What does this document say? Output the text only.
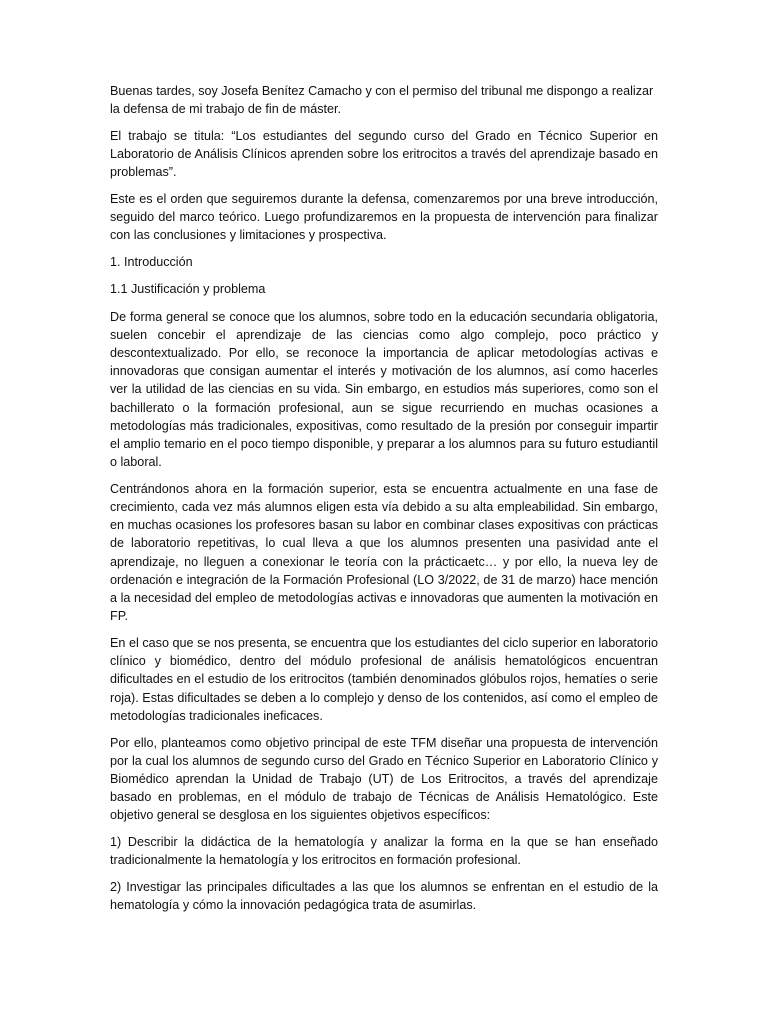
Buenas tardes, soy Josefa Benítez Camacho y con el permiso del tribunal me dispongo a realizar la defensa de mi trabajo de fin de máster.

El trabajo se titula: “Los estudiantes del segundo curso del Grado en Técnico Superior en Laboratorio de Análisis Clínicos aprenden sobre los eritrocitos a través del aprendizaje basado en problemas”.

Este es el orden que seguiremos durante la defensa, comenzaremos por una breve introducción, seguido del marco teórico. Luego profundizaremos en la propuesta de intervención para finalizar con las conclusiones y limitaciones y prospectiva.

1. Introducción

1.1 Justificación y problema

De forma general se conoce que los alumnos, sobre todo en la educación secundaria obligatoria, suelen concebir el aprendizaje de las ciencias como algo complejo, poco práctico y descontextualizado. Por ello, se reconoce la importancia de aplicar metodologías activas e innovadoras que consigan aumentar el interés y motivación de los alumnos, así como hacerles ver la utilidad de las ciencias en su vida. Sin embargo, en estudios más superiores, como son el bachillerato o la formación profesional, aun se sigue recurriendo en muchas ocasiones a metodologías más tradicionales, expositivas, como resultado de la presión por conseguir impartir el amplio temario en el poco tiempo disponible, y preparar a los alumnos para su futuro estudiantil o laboral.

Centrándonos ahora en la formación superior, esta se encuentra actualmente en una fase de crecimiento, cada vez más alumnos eligen esta vía debido a su alta empleabilidad. Sin embargo, en muchas ocasiones los profesores basan su labor en combinar clases expositivas con prácticas de laboratorio repetitivas, lo cual lleva a que los alumnos presenten una pasividad ante el aprendizaje, no lleguen a conexionar le teoría con la prácticaetc… y por ello, la nueva ley de ordenación e integración de la Formación Profesional (LO 3/2022, de 31 de marzo) hace mención a la necesidad del empleo de metodologías activas e innovadoras que aumenten la motivación en FP.

En el caso que se nos presenta, se encuentra que los estudiantes del ciclo superior en laboratorio clínico y biomédico, dentro del módulo profesional de análisis hematológicos encuentran dificultades en el estudio de los eritrocitos (también denominados glóbulos rojos, hematíes o serie roja). Estas dificultades se deben a lo complejo y denso de los contenidos, así como el empleo de metodologías tradicionales ineficaces.

Por ello, planteamos como objetivo principal de este TFM diseñar una propuesta de intervención por la cual los alumnos de segundo curso del Grado en Técnico Superior en Laboratorio Clínico y Biomédico aprendan la Unidad de Trabajo (UT) de Los Eritrocitos, a través del aprendizaje basado en problemas, en el módulo de trabajo de Técnicas de Análisis Hematológico. Este objetivo general se desglosa en los siguientes objetivos específicos:

1) Describir la didáctica de la hematología y analizar la forma en la que se han enseñado tradicionalmente la hematología y los eritrocitos en formación profesional.

2) Investigar las principales dificultades a las que los alumnos se enfrentan en el estudio de la hematología y cómo la innovación pedagógica trata de asumirlas.
